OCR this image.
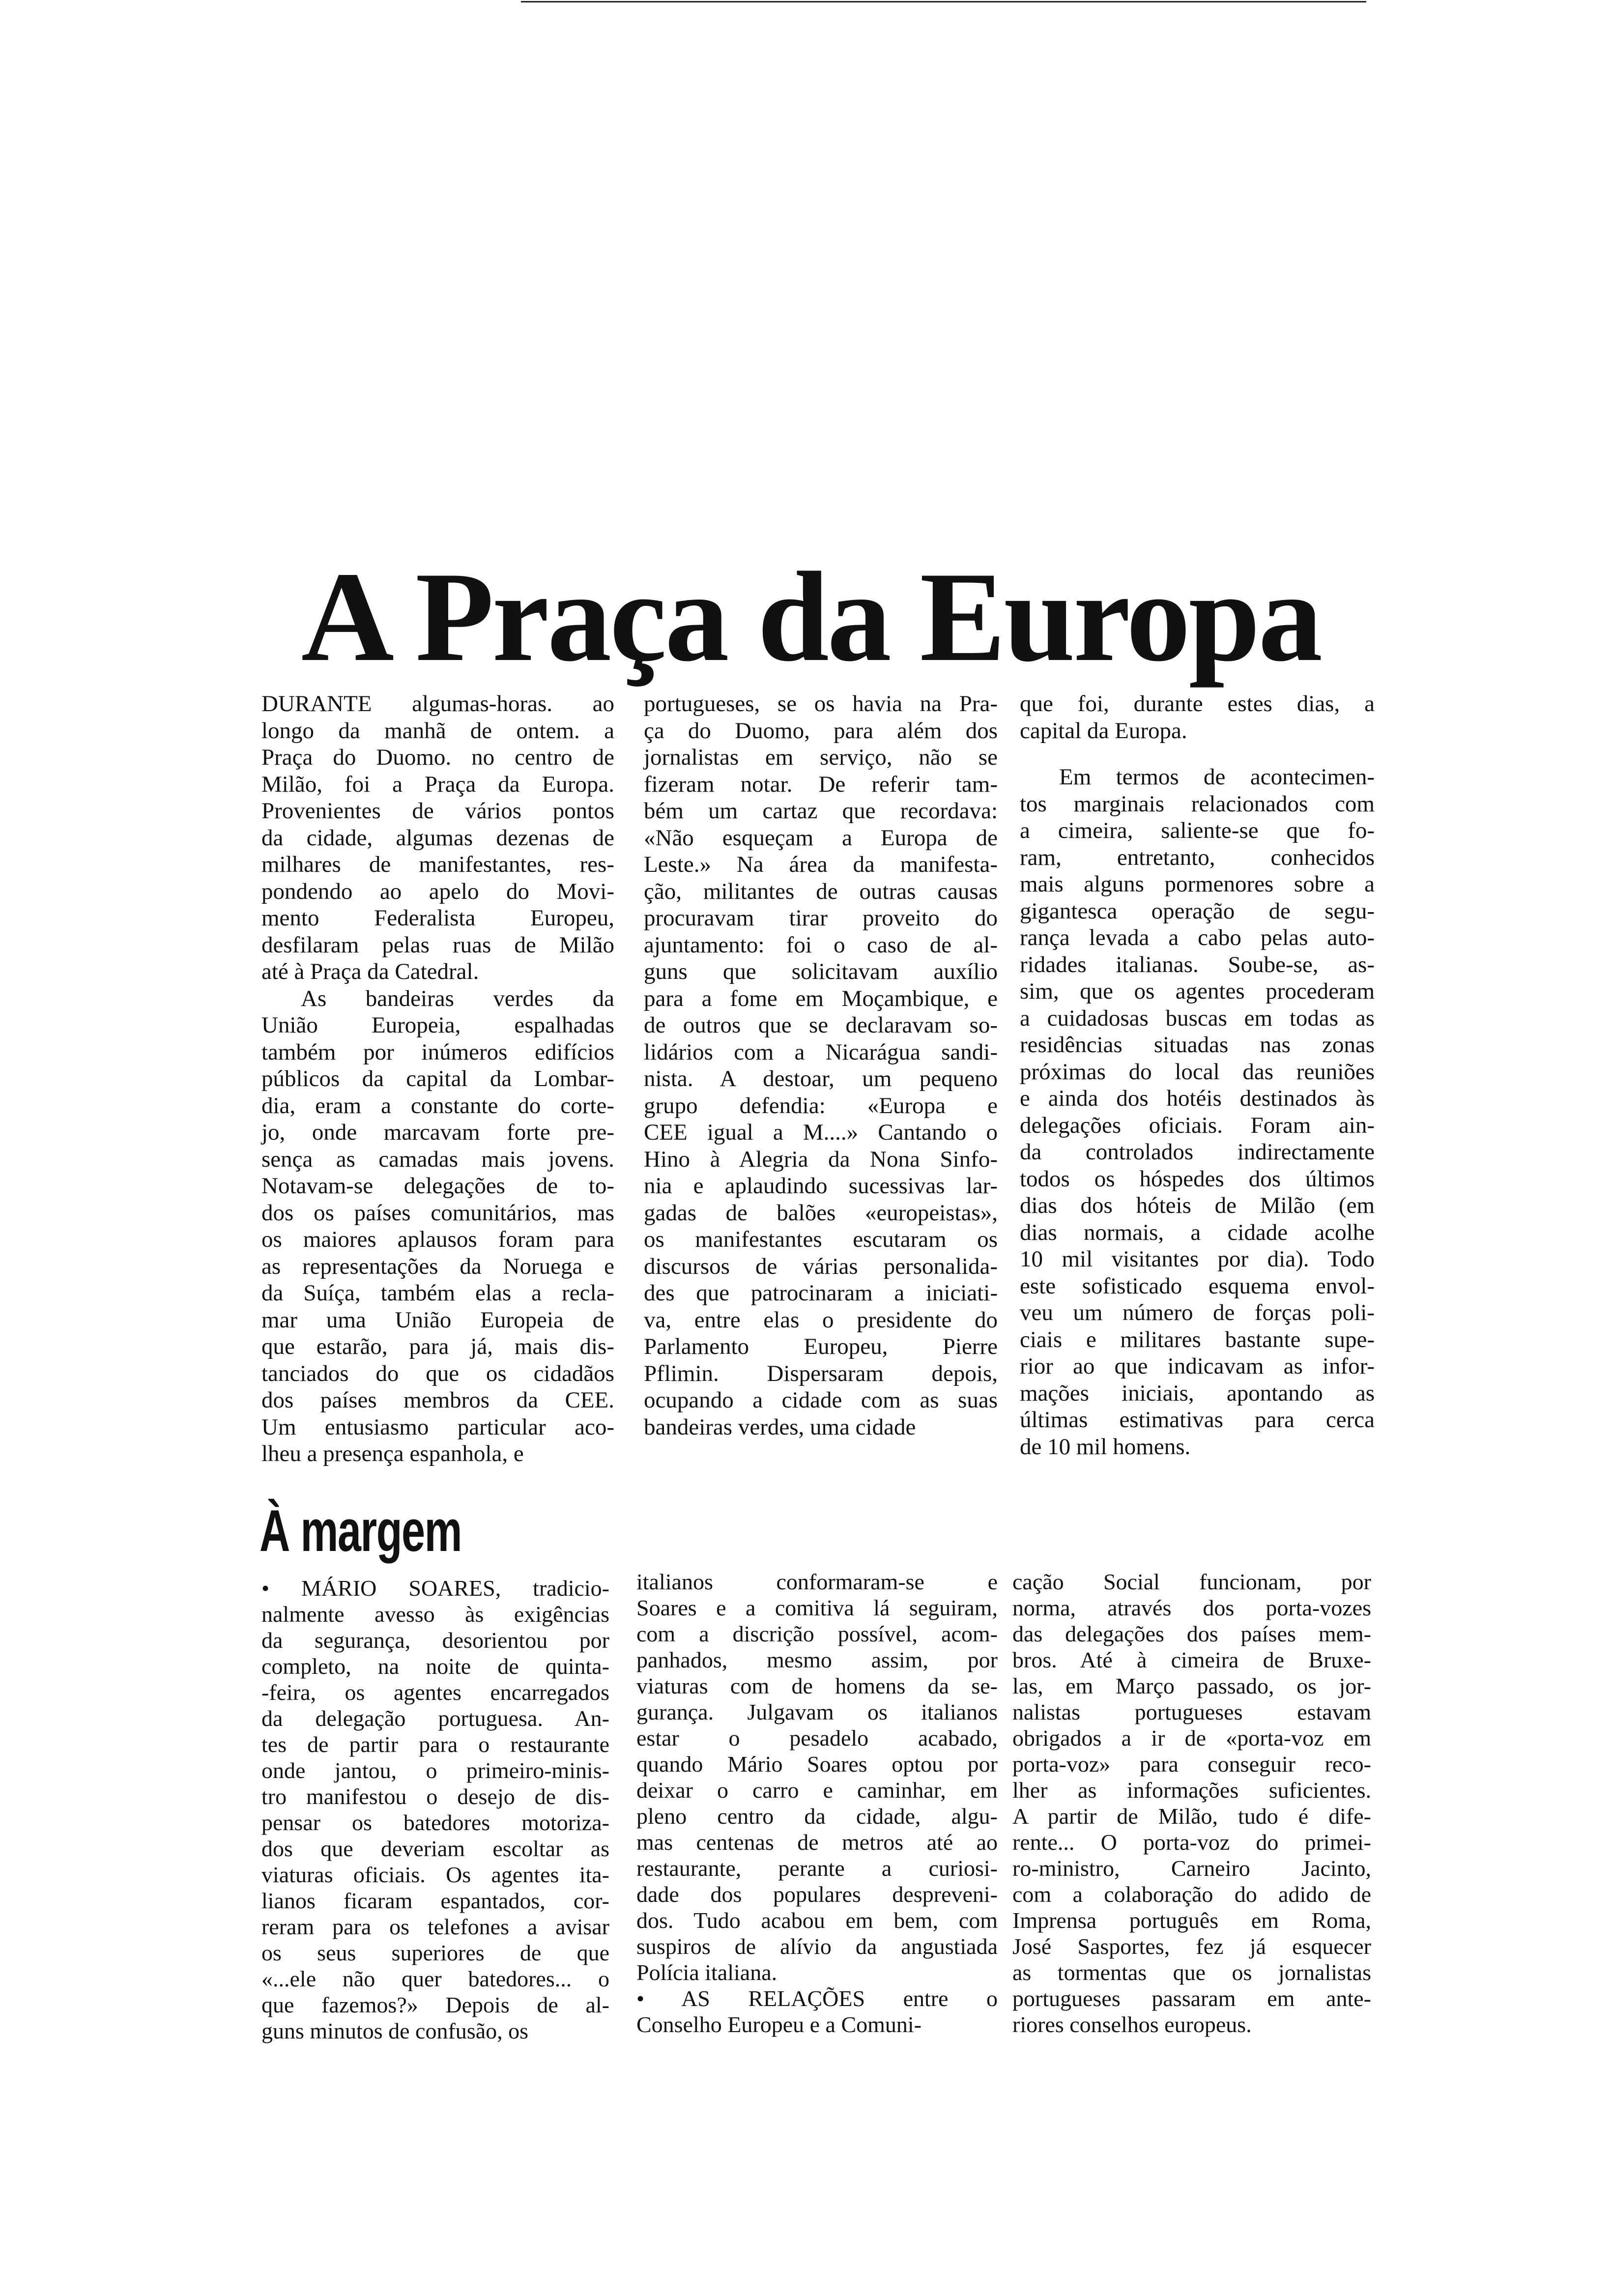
A Praça da Europa
DURANTE algumas-horas. ao
longo da manhã de ontem. a
Praça do Duomo. no centro de
Milão, foi a Praça da Europa.
Provenientes de vários pontos
da cidade, algumas dezenas de
milhares de manifestantes, res-
pondendo ao apelo do Movi-
mento Federalista Europeu,
desfilaram pelas ruas de Milão
até à Praça da Catedral.
As bandeiras verdes da
União Europeia, espalhadas
também por inúmeros edifícios
públicos da capital da Lombar-
dia, eram a constante do corte-
jo, onde marcavam forte pre-
sença as camadas mais jovens.
Notavam-se delegações de to-
dos os países comunitários, mas
os maiores aplausos foram para
as representações da Noruega e
da Suíça, também elas a recla-
mar uma União Europeia de
que estarão, para já, mais dis-
tanciados do que os cidadãos
dos países membros da CEE.
Um entusiasmo particular aco-
lheu a presença espanhola, e
portugueses, se os havia na Pra-
ça do Duomo, para além dos
jornalistas em serviço, não se
fizeram notar. De referir tam-
bém um cartaz que recordava:
«Não esqueçam a Europa de
Leste.» Na área da manifesta-
ção, militantes de outras causas
procuravam tirar proveito do
ajuntamento: foi o caso de al-
guns que solicitavam auxílio
para a fome em Moçambique, e
de outros que se declaravam so-
lidários com a Nicarágua sandi-
nista. A destoar, um pequeno
grupo defendia: «Europa e
CEE igual a M....» Cantando o
Hino à Alegria da Nona Sinfo-
nia e aplaudindo sucessivas lar-
gadas de balões «europeistas»,
os manifestantes escutaram os
discursos de várias personalida-
des que patrocinaram a iniciati-
va, entre elas o presidente do
Parlamento Europeu, Pierre
Pflimin. Dispersaram depois,
ocupando a cidade com as suas
bandeiras verdes, uma cidade
que foi, durante estes dias, a
capital da Europa.
Em termos de acontecimen-
tos marginais relacionados com
a cimeira, saliente-se que fo-
ram, entretanto, conhecidos
mais alguns pormenores sobre a
gigantesca operação de segu-
rança levada a cabo pelas auto-
ridades italianas. Soube-se, as-
sim, que os agentes procederam
a cuidadosas buscas em todas as
residências situadas nas zonas
próximas do local das reuniões
e ainda dos hotéis destinados às
delegações oficiais. Foram ain-
da controlados indirectamente
todos os hóspedes dos últimos
dias dos hóteis de Milão (em
dias normais, a cidade acolhe
10 mil visitantes por dia). Todo
este sofisticado esquema envol-
veu um número de forças poli-
ciais e militares bastante supe-
rior ao que indicavam as infor-
mações iniciais, apontando as
últimas estimativas para cerca
de 10 mil homens.
À margem
• MÁRIO SOARES, tradicio-
nalmente avesso às exigências
da segurança, desorientou por
completo, na noite de quinta-
-feira, os agentes encarregados
da delegação portuguesa. An-
tes de partir para o restaurante
onde jantou, o primeiro-minis-
tro manifestou o desejo de dis-
pensar os batedores motoriza-
dos que deveriam escoltar as
viaturas oficiais. Os agentes ita-
lianos ficaram espantados, cor-
reram para os telefones a avisar
os seus superiores de que
«...ele não quer batedores... o
que fazemos?» Depois de al-
guns minutos de confusão, os
italianos conformaram-se e
Soares e a comitiva lá seguiram,
com a discrição possível, acom-
panhados, mesmo assim, por
viaturas com de homens da se-
gurança. Julgavam os italianos
estar o pesadelo acabado,
quando Mário Soares optou por
deixar o carro e caminhar, em
pleno centro da cidade, algu-
mas centenas de metros até ao
restaurante, perante a curiosi-
dade dos populares despreveni-
dos. Tudo acabou em bem, com
suspiros de alívio da angustiada
Polícia italiana.
• AS RELAÇÕES entre o
Conselho Europeu e a Comuni-
cação Social funcionam, por
norma, através dos porta-vozes
das delegações dos países mem-
bros. Até à cimeira de Bruxe-
las, em Março passado, os jor-
nalistas portugueses estavam
obrigados a ir de «porta-voz em
porta-voz» para conseguir reco-
lher as informações suficientes.
A partir de Milão, tudo é dife-
rente... O porta-voz do primei-
ro-ministro, Carneiro Jacinto,
com a colaboração do adido de
Imprensa português em Roma,
José Sasportes, fez já esquecer
as tormentas que os jornalistas
portugueses passaram em ante-
riores conselhos europeus.
